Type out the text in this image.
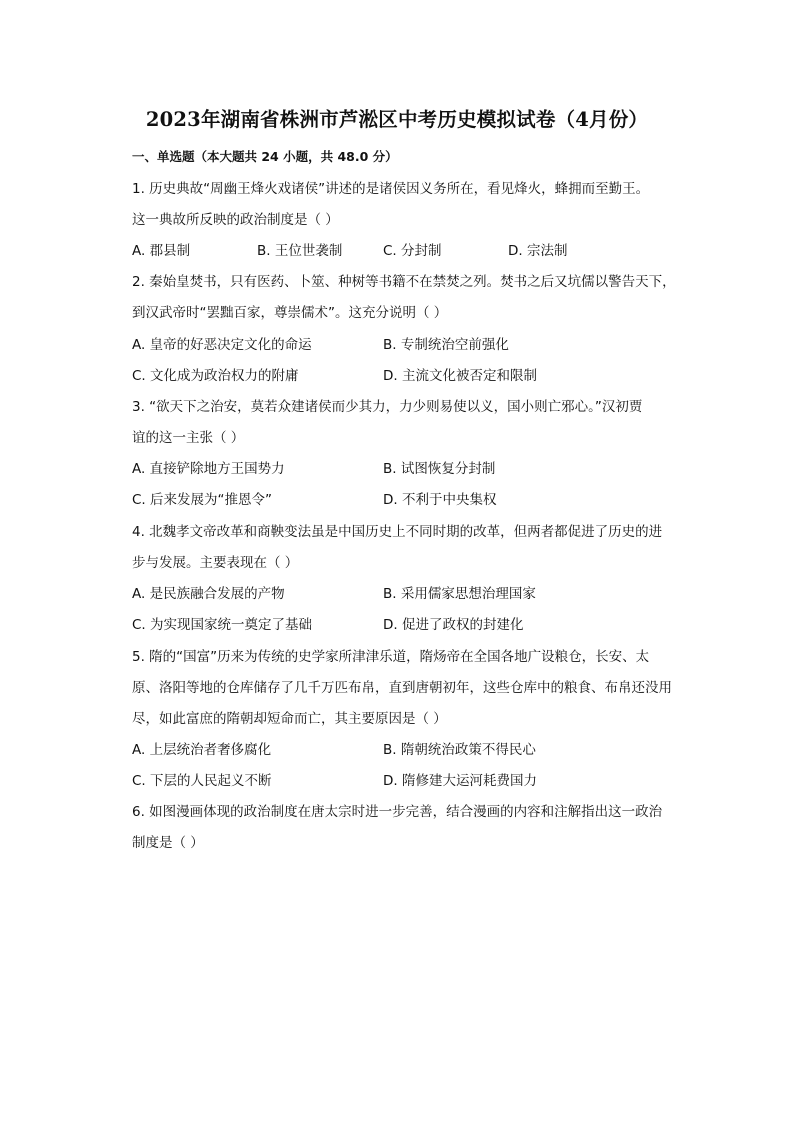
2023年湖南省株洲市芦淞区中考历史模拟试卷（4月份）
一、单选题（本大题共 24 小题，共 48.0 分）
1. 历史典故“周幽王烽火戏诸侯”讲述的是诸侯因义务所在，看见烽火，蜂拥而至勤王。
这一典故所反映的政治制度是（ ）
A. 郡县制	B. 王位世袭制	C. 分封制	D. 宗法制
2. 秦始皇焚书，只有医药、卜筮、种树等书籍不在禁焚之列。焚书之后又坑儒以警告天下，
到汉武帝时“罢黜百家，尊崇儒术”。这充分说明（ ）
A. 皇帝的好恶决定文化的命运	B. 专制统治空前强化
C. 文化成为政治权力的附庸	D. 主流文化被否定和限制
3. “欲天下之治安，莫若众建诸侯而少其力，力少则易使以义，国小则亡邪心。”汉初贾
谊的这一主张（ ）
A. 直接铲除地方王国势力	B. 试图恢复分封制
C. 后来发展为“推恩令”	D. 不利于中央集权
4. 北魏孝文帝改革和商鞅变法虽是中国历史上不同时期的改革，但两者都促进了历史的进
步与发展。主要表现在（ ）
A. 是民族融合发展的产物	B. 采用儒家思想治理国家
C. 为实现国家统一奠定了基础	D. 促进了政权的封建化
5. 隋的“国富”历来为传统的史学家所津津乐道，隋炀帝在全国各地广设粮仓，长安、太
原、洛阳等地的仓库储存了几千万匹布帛，直到唐朝初年，这些仓库中的粮食、布帛还没用
尽，如此富庶的隋朝却短命而亡，其主要原因是（ ）
A. 上层统治者奢侈腐化	B. 隋朝统治政策不得民心
C. 下层的人民起义不断	D. 隋修建大运河耗费国力
6. 如图漫画体现的政治制度在唐太宗时进一步完善，结合漫画的内容和注解指出这一政治
制度是（ ）
